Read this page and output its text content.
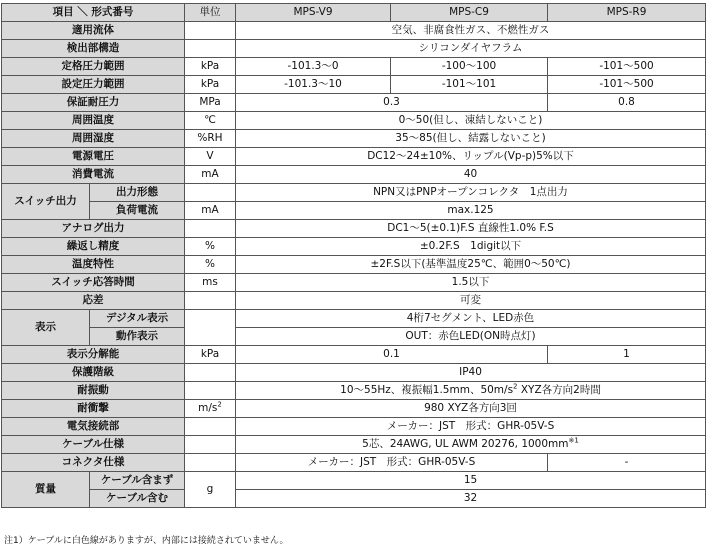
項目 ＼ 形式番号		単位	MPS-V9	MPS-C9	MPS-R9
適用流体			空気、非腐食性ガス、不燃性ガス		
検出部構造			シリコンダイヤフラム		
定格圧力範囲		kPa	-101.3～0	-100～100	-101～500
設定圧力範囲		kPa	-101.3～10	-101～101	-101～500
保証耐圧力		MPa	0.3		0.8
周囲温度		℃	0～50(但し、凍結しないこと)		
周囲湿度		%RH	35～85(但し、結露しないこと)		
電源電圧		V	DC12～24±10%、リップル(Vp-p)5%以下		
消費電流		mA	40		
スイッチ出力	出力形態		NPN又はPNPオープンコレクタ　1点出力		
	負荷電流	mA	max.125		
アナログ出力			DC1～5(±0.1)F.S 直線性1.0% F.S		
繰返し精度		%	±0.2F.S　1digit以下		
温度特性		%	±2F.S以下(基準温度25℃、範囲0～50℃)		
スイッチ応答時間		ms	1.5以下		
応差			可変		
表示	デジタル表示		4桁7セグメント、LED赤色		
	動作表示		OUT：赤色LED(ON時点灯)		
表示分解能		kPa	0.1		1
保護階級			IP40		
耐振動			10～55Hz、複振幅1.5mm、$50m/s^2$ XYZ各方向2時間		
耐衝撃		$m/s^2$	980 XYZ各方向3回		
電気接続部			メーカー：JST　形式：GHR-05V-S		
ケーブル仕様			5芯、24AWG, UL AWM 20276, $1000mm^{※1}$
コネクタ仕様			メーカー：JST　形式：GHR-05V-S		-
質量	ケーブル含まず	g	15		
	ケーブル含む		32		
注1）ケーブルに白色線がありますが、内部には接続されていません。
